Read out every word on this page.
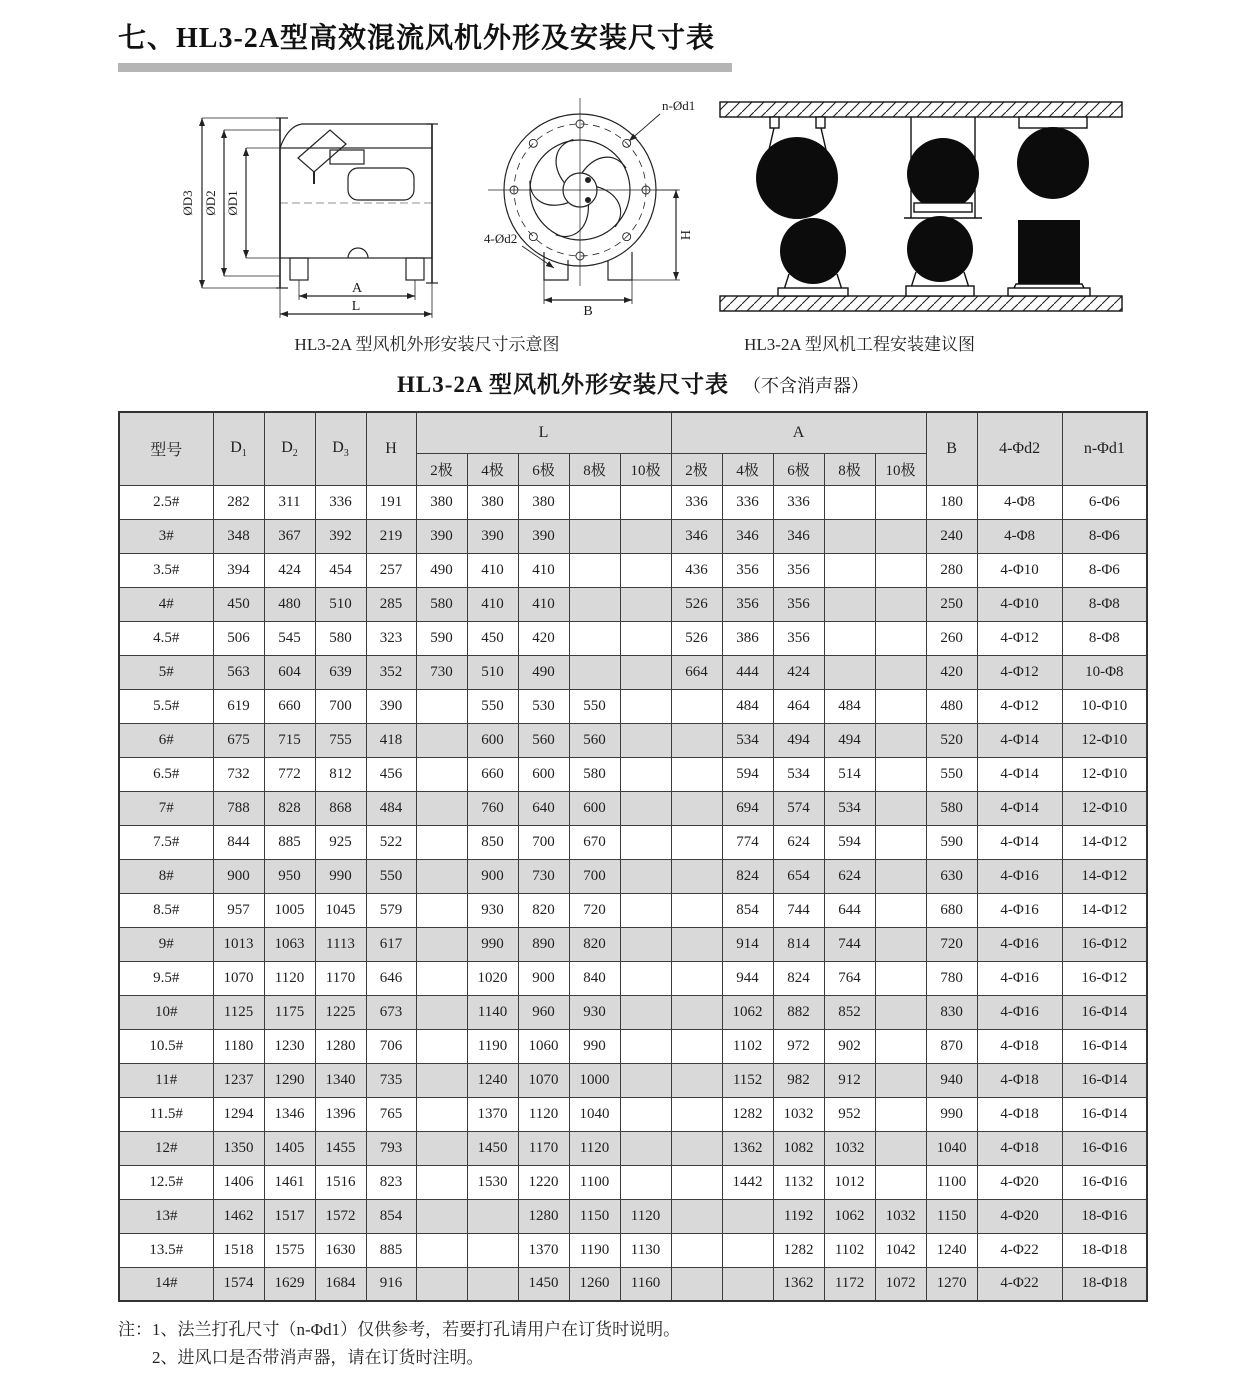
七、HL3-2A型高效混流风机外形及安装尺寸表
ØD3 ØD2 ØD1
A
L
n-Ød1
4-Ød2	H
B
HL3-2A 型风机外形安装尺寸示意图	HL3-2A 型风机工程安装建议图
HL3-2A 型风机外形安装尺寸表 （不含消声器）
型号	$D_1$	$D_2$	$D_3$	H	L					A					B	4-Φd2	n-Φd1
					2极	4极	6极	8极	10极	2极	4极	6极	8极	10极			
2.5#	282	311	336	191	380	380	380			336	336	336			180	4-Φ8	6-Φ6
3#	348	367	392	219	390	390	390			346	346	346			240	4-Φ8	8-Φ6
3.5#	394	424	454	257	490	410	410			436	356	356			280	4-Φ10	8-Φ6
4#	450	480	510	285	580	410	410			526	356	356			250	4-Φ10	8-Φ8
4.5#	506	545	580	323	590	450	420			526	386	356			260	4-Φ12	8-Φ8
5#	563	604	639	352	730	510	490			664	444	424			420	4-Φ12	10-Φ8
5.5#	619	660	700	390		550	530	550			484	464	484		480	4-Φ12	10-Φ10
6#	675	715	755	418		600	560	560			534	494	494		520	4-Φ14	12-Φ10
6.5#	732	772	812	456		660	600	580			594	534	514		550	4-Φ14	12-Φ10
7#	788	828	868	484		760	640	600			694	574	534		580	4-Φ14	12-Φ10
7.5#	844	885	925	522		850	700	670			774	624	594		590	4-Φ14	14-Φ12
8#	900	950	990	550		900	730	700			824	654	624		630	4-Φ16	14-Φ12
8.5#	957	1005	1045	579		930	820	720			854	744	644		680	4-Φ16	14-Φ12
9#	1013	1063	1113	617		990	890	820			914	814	744		720	4-Φ16	16-Φ12
9.5#	1070	1120	1170	646		1020	900	840			944	824	764		780	4-Φ16	16-Φ12
10#	1125	1175	1225	673		1140	960	930			1062	882	852		830	4-Φ16	16-Φ14
10.5#	1180	1230	1280	706		1190	1060	990			1102	972	902		870	4-Φ18	16-Φ14
11#	1237	1290	1340	735		1240	1070	1000			1152	982	912		940	4-Φ18	16-Φ14
11.5#	1294	1346	1396	765		1370	1120	1040			1282	1032	952		990	4-Φ18	16-Φ14
12#	1350	1405	1455	793		1450	1170	1120			1362	1082	1032		1040	4-Φ18	16-Φ16
12.5#	1406	1461	1516	823		1530	1220	1100			1442	1132	1012		1100	4-Φ20	16-Φ16
13#	1462	1517	1572	854			1280	1150	1120			1192	1062	1032	1150	4-Φ20	18-Φ16
13.5#	1518	1575	1630	885			1370	1190	1130			1282	1102	1042	1240	4-Φ22	18-Φ18
14#	1574	1629	1684	916			1450	1260	1160			1362	1172	1072	1270	4-Φ22	18-Φ18
注： 1、法兰打孔尺寸（n-Φd1）仅供参考，若要打孔请用户在订货时说明。
2、进风口是否带消声器，请在订货时注明。
